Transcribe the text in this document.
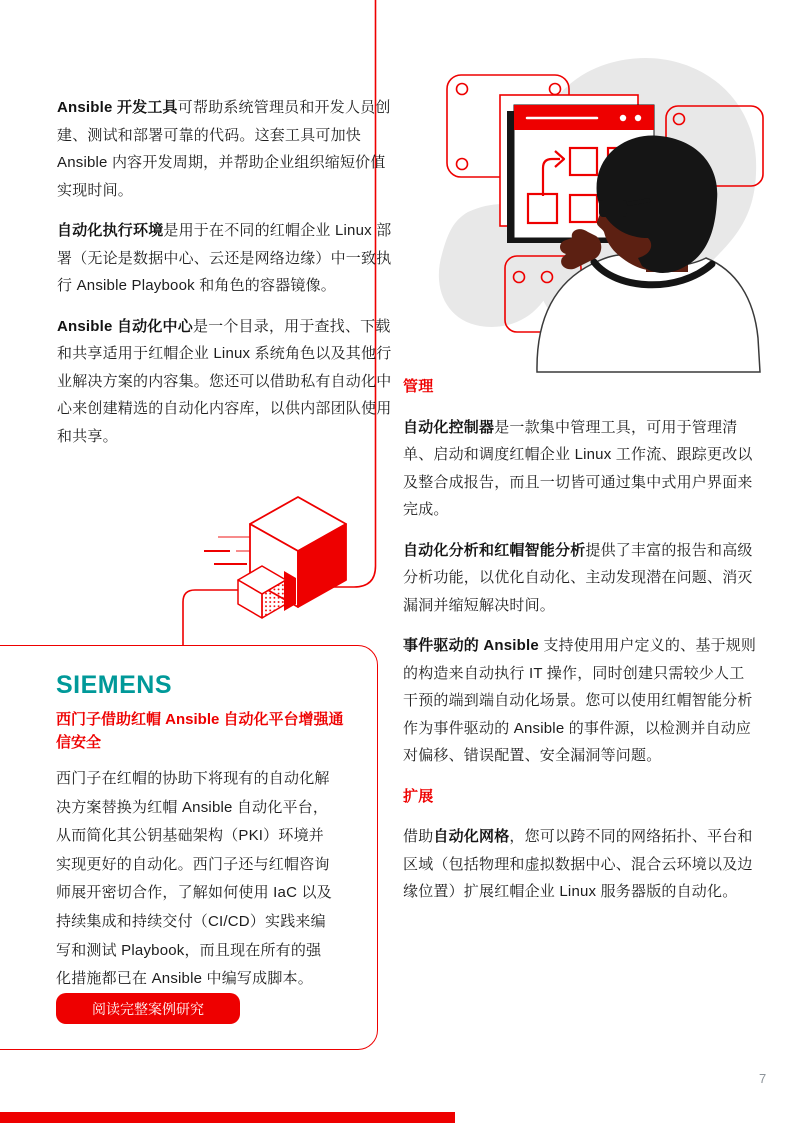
Ansible 开发工具可帮助系统管理员和开发人员创建、测试和部署可靠的代码。这套工具可加快 Ansible 内容开发周期，并帮助企业组织缩短价值实现时间。

自动化执行环境是用于在不同的红帽企业 Linux 部署（无论是数据中心、云还是网络边缘）中一致执行 Ansible Playbook 和角色的容器镜像。

Ansible 自动化中心是一个目录，用于查找、下载和共享适用于红帽企业 Linux 系统角色以及其他行业解决方案的内容集。您还可以借助私有自动化中心来创建精选的自动化内容库，以供内部团队使用和共享。

管理

自动化控制器是一款集中管理工具，可用于管理清单、启动和调度红帽企业 Linux 工作流、跟踪更改以及整合成报告，而且一切皆可通过集中式用户界面来完成。

自动化分析和红帽智能分析提供了丰富的报告和高级分析功能，以优化自动化、主动发现潜在问题、消灭漏洞并缩短解决时间。

事件驱动的 Ansible 支持使用用户定义的、基于规则的构造来自动执行 IT 操作，同时创建只需较少人工干预的端到端自动化场景。您可以使用红帽智能分析作为事件驱动的 Ansible 的事件源，以检测并自动应对偏移、错误配置、安全漏洞等问题。

扩展

借助自动化网格，您可以跨不同的网络拓扑、平台和区域（包括物理和虚拟数据中心、混合云环境以及边缘位置）扩展红帽企业 Linux 服务器版的自动化。

SIEMENS
西门子借助红帽 Ansible 自动化平台增强通信安全
西门子在红帽的协助下将现有的自动化解决方案替换为红帽 Ansible 自动化平台，从而简化其公钥基础架构（PKI）环境并实现更好的自动化。西门子还与红帽咨询师展开密切合作，了解如何使用 IaC 以及持续集成和持续交付（CI/CD）实践来编写和测试 Playbook，而且现在所有的强化措施都已在 Ansible 中编写成脚本。
阅读完整案例研究
7
